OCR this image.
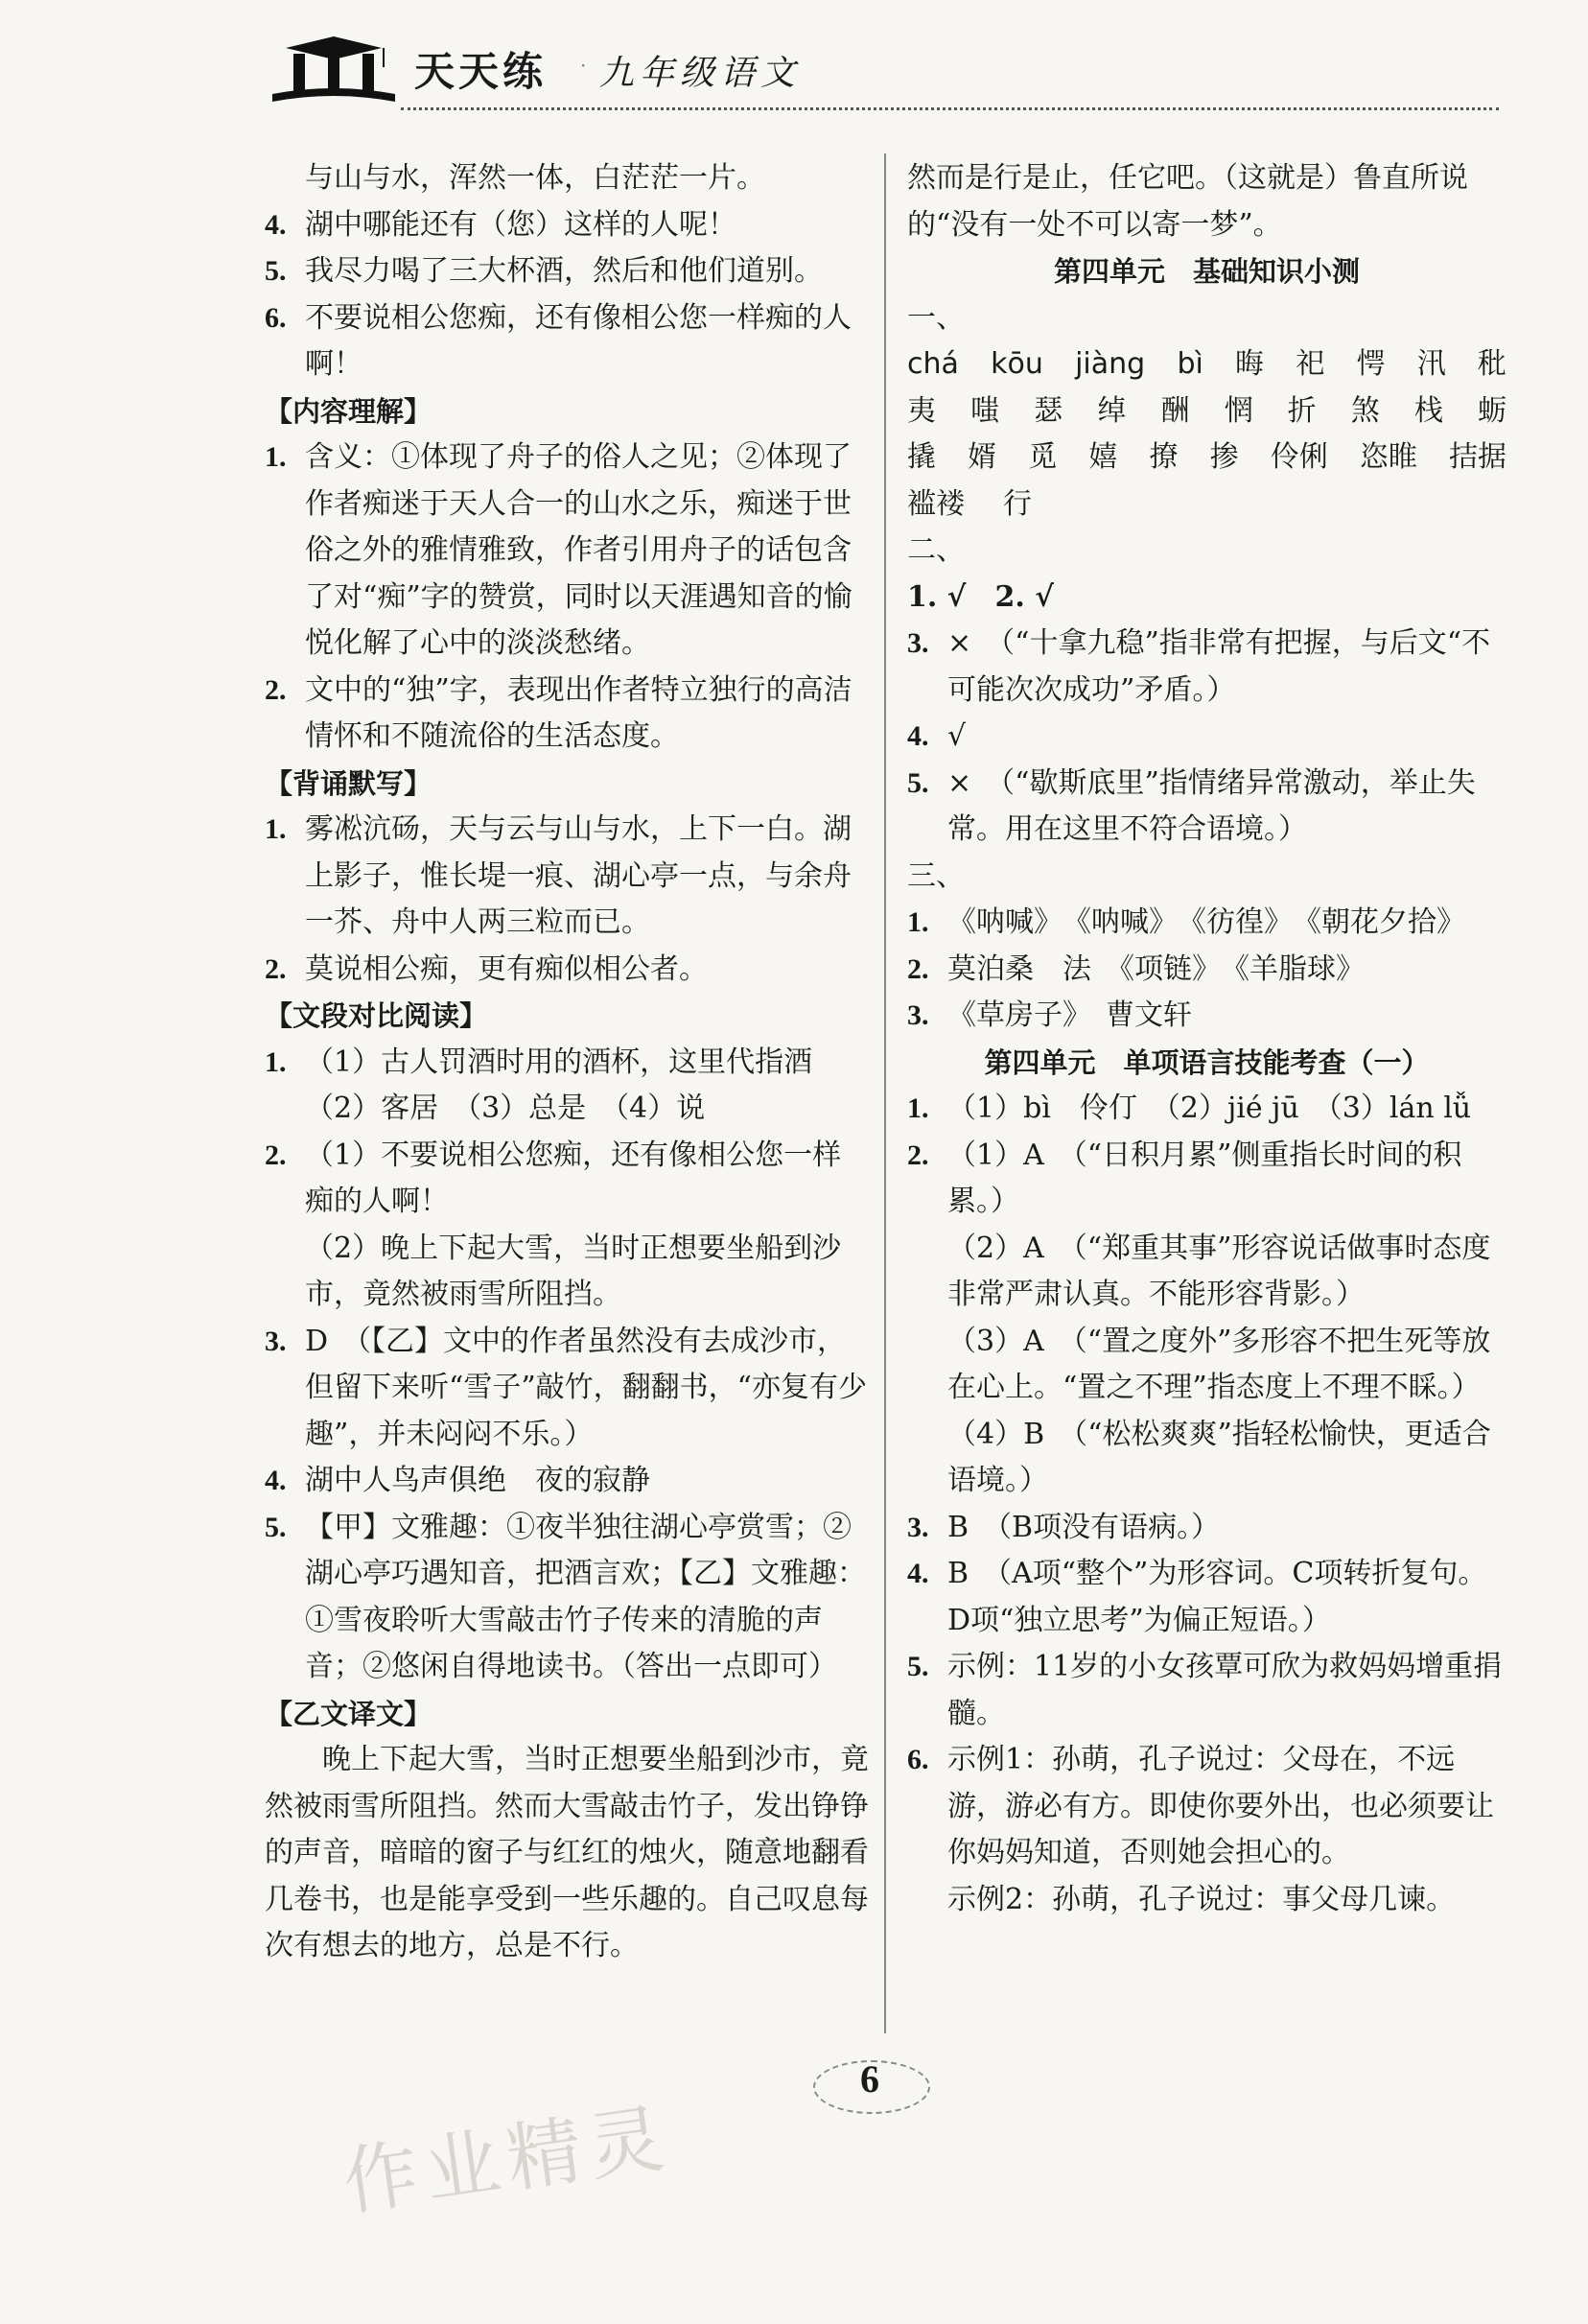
天天练 · 九年级语文

与山与水，浑然一体，白茫茫一片。

4. 湖中哪能还有（您）这样的人呢！

5. 我尽力喝了三大杯酒，然后和他们道别。

6. 不要说相公您痴，还有像相公您一样痴的人啊！

【内容理解】

1. 含义：①体现了舟子的俗人之见；②体现了作者痴迷于天人合一的山水之乐，痴迷于世俗之外的雅情雅致，作者引用舟子的话包含了对“痴”字的赞赏，同时以天涯遇知音的愉悦化解了心中的淡淡愁绪。

2. 文中的“独”字，表现出作者特立独行的高洁情怀和不随流俗的生活态度。

【背诵默写】

1. 雾凇沆砀，天与云与山与水，上下一白。湖上影子，惟长堤一痕、湖心亭一点，与余舟一芥、舟中人两三粒而已。

2. 莫说相公痴，更有痴似相公者。

【文段对比阅读】

1. （1）古人罚酒时用的酒杯，这里代指酒

（2）客居　（3）总是　（4）说

2. （1）不要说相公您痴，还有像相公您一样痴的人啊！

（2）晚上下起大雪，当时正想要坐船到沙市，竟然被雨雪所阻挡。

3. D　（【乙】文中的作者虽然没有去成沙市，但留下来听“雪子”敲竹，翻翻书，“亦复有少趣”，并未闷闷不乐。）

4. 湖中人鸟声俱绝　夜的寂静

5. 【甲】文雅趣：①夜半独往湖心亭赏雪；②湖心亭巧遇知音，把酒言欢；【乙】文雅趣：①雪夜聆听大雪敲击竹子传来的清脆的声音；②悠闲自得地读书。（答出一点即可）

【乙文译文】

晚上下起大雪，当时正想要坐船到沙市，竟然被雨雪所阻挡。然而大雪敲击竹子，发出铮铮的声音，暗暗的窗子与红红的烛火，随意地翻看几卷书，也是能享受到一些乐趣的。自己叹息每次有想去的地方，总是不行。

然而是行是止，任它吧。（这就是）鲁直所说的“没有一处不可以寄一梦”。

第四单元　基础知识小测

一、

chá kōu jiàng bì 晦 祀 愕 汛 秕
夷 嗤 瑟 绰 酬 惘 折 煞 栈 蛎
撬 婿 觅 嬉 撩 掺 伶俐 恣睢 拮据
褴褛 行

二、

1. √　2. √

3. ×　（“十拿九稳”指非常有把握，与后文“不可能次次成功”矛盾。）

4. √

5. ×　（“歇斯底里”指情绪异常激动，举止失常。用在这里不符合语境。）

三、

1. 《呐喊》　《呐喊》　《彷徨》　《朝花夕拾》

2. 莫泊桑　法　《项链》　《羊脂球》

3. 《草房子》　曹文轩

第四单元　单项语言技能考查（一）

1. （1）bì　伶仃　（2）jié jū　（3）lán lǚ

2. （1）A　（“日积月累”侧重指长时间的积累。）

（2）A　（“郑重其事”形容说话做事时态度非常严肃认真。不能形容背影。）

（3）A　（“置之度外”多形容不把生死等放在心上。“置之不理”指态度上不理不睬。）

（4）B　（“松松爽爽”指轻松愉快，更适合语境。）

3. B　（B项没有语病。）

4. B　（A项“整个”为形容词。C项转折复句。D项“独立思考”为偏正短语。）

5. 示例：11岁的小女孩覃可欣为救妈妈增重捐髓。

6. 示例1：孙萌，孔子说过：父母在，不远游，游必有方。即使你要外出，也必须要让你妈妈知道，否则她会担心的。

示例2：孙萌，孔子说过：事父母几谏。

6
作业精灵
